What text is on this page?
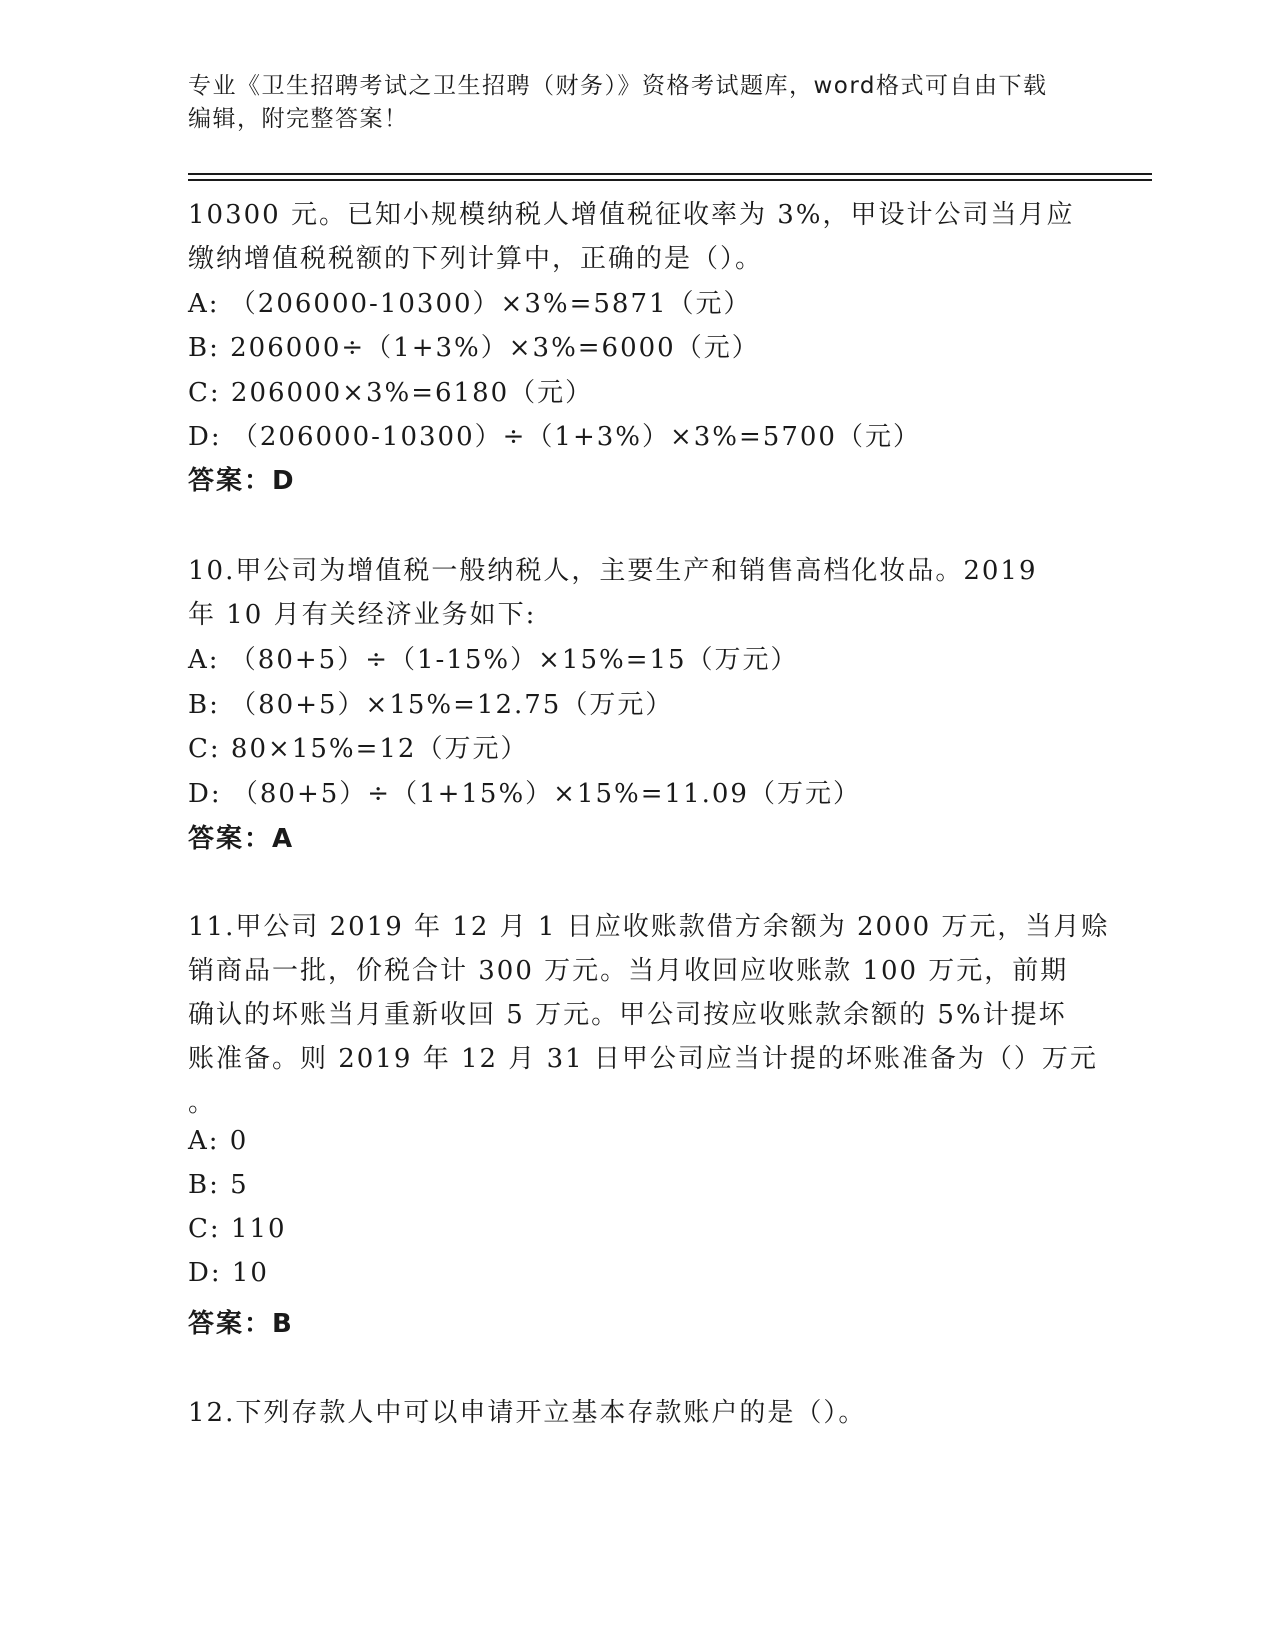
专业《卫生招聘考试之卫生招聘（财务）》资格考试题库，word格式可自由下载
编辑，附完整答案！
10300 元。已知小规模纳税人增值税征收率为 3%，甲设计公司当月应
缴纳增值税税额的下列计算中，正确的是（）。
A: （206000-10300）×3%=5871（元）
B: 206000÷（1+3%）×3%=6000（元）
C: 206000×3%=6180（元）
D: （206000-10300）÷（1+3%）×3%=5700（元）
答案：D
10.甲公司为增值税一般纳税人，主要生产和销售高档化妆品。2019
年 10 月有关经济业务如下:
A: （80+5）÷（1-15%）×15%=15（万元）
B: （80+5）×15%=12.75（万元）
C: 80×15%=12（万元）
D: （80+5）÷（1+15%）×15%=11.09（万元）
答案：A
11.甲公司 2019 年 12 月 1 日应收账款借方余额为 2000 万元，当月赊
销商品一批，价税合计 300 万元。当月收回应收账款 100 万元，前期
确认的坏账当月重新收回 5 万元。甲公司按应收账款余额的 5%计提坏
账准备。则 2019 年 12 月 31 日甲公司应当计提的坏账准备为（）万元
。
A: 0
B: 5
C: 110
D: 10
答案：B
12.下列存款人中可以申请开立基本存款账户的是（）。
